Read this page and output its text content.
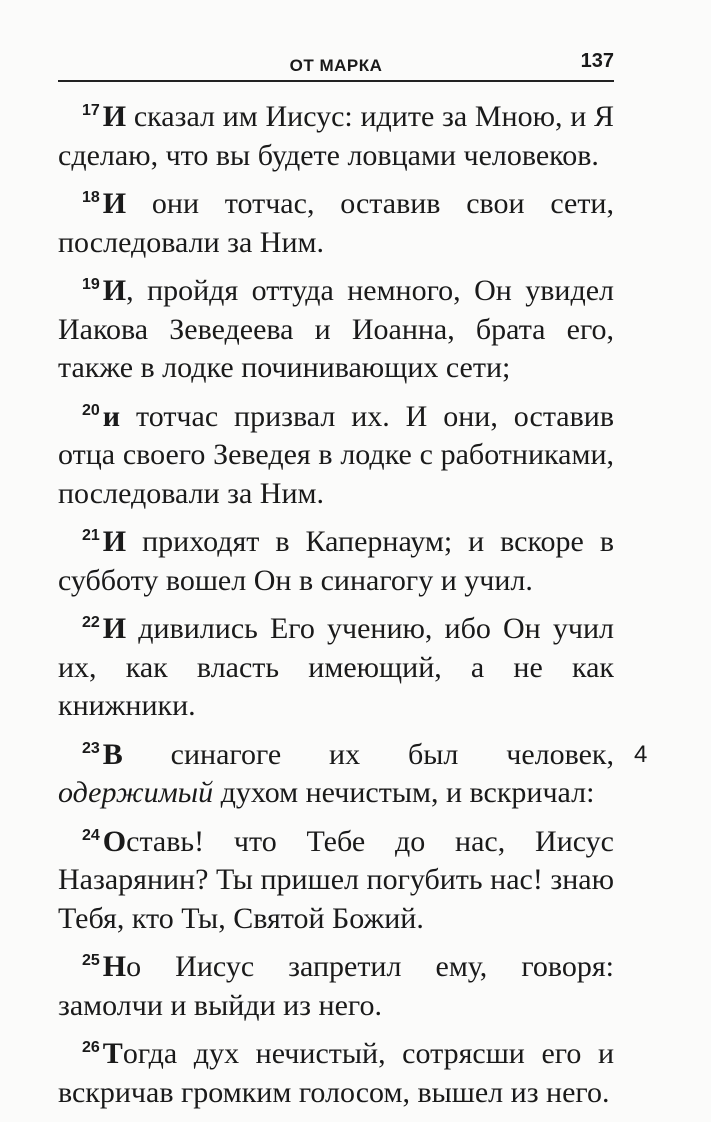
ОТ МАРКА	137

$^{17}$ И сказал им Иисус: идите за Мною, и Я сделаю, что вы будете ловцами человеков.

$^{18}$ И они тотчас, оставив свои сети, последовали за Ним.

$^{19}$ И, пройдя оттуда немного, Он увидел Иакова Зеведеева и Иоанна, брата его, также в лодке починивающих сети;

$^{20}$ и тотчас призвал их. И они, оставив отца своего Зеведея в лодке с работниками, последовали за Ним.

$^{21}$ И приходят в Капернаум; и вскоре в субботу вошел Он в синагогу и учил.

$^{22}$ И дивились Его учению, ибо Он учил их, как власть имеющий, а не как книжники.

4
$^{23}$ В синагоге их был человек, одержимый духом нечистым, и вскричал:

$^{24}$ Оставь! что Тебе до нас, Иисус Назарянин? Ты пришел погубить нас! знаю Тебя, кто Ты, Святой Божий.

$^{25}$ Но Иисус запретил ему, говоря: замолчи и выйди из него.

$^{26}$ Тогда дух нечистый, сотрясши его и вскричав громким голосом, вышел из него.
